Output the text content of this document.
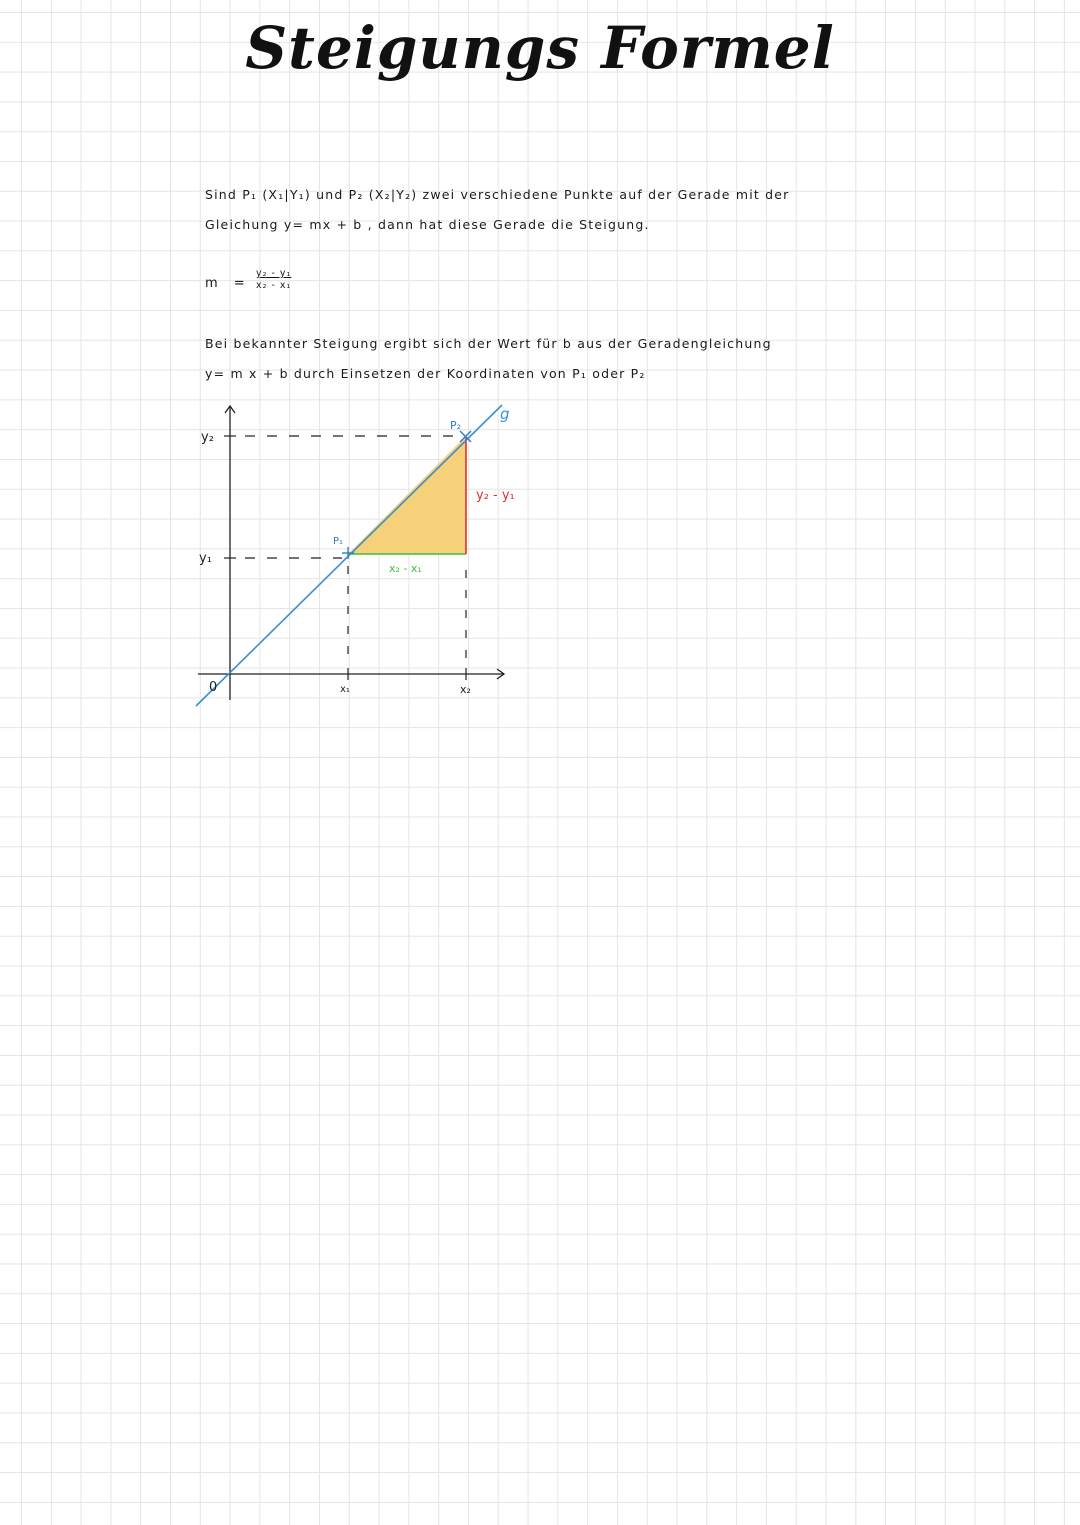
Steigungs Formel
Sind P₁ (X₁|Y₁) und P₂ (X₂|Y₂) zwei verschiedene Punkte auf der Gerade mit der
Gleichung y= mx + b , dann hat diese Gerade die Steigung.
$m = \frac{\text{y₂ - y₁}}{\text{x₂ - x₁}}$
Bei bekannter Steigung ergibt sich der Wert für b aus der Geradengleichung
y= m x + b durch Einsetzen der Koordinaten von P₁ oder P₂
y₂
y₁
0	x₁	x₂
P₁
P₂
g
x₂ - x₁
y₂ - y₁
